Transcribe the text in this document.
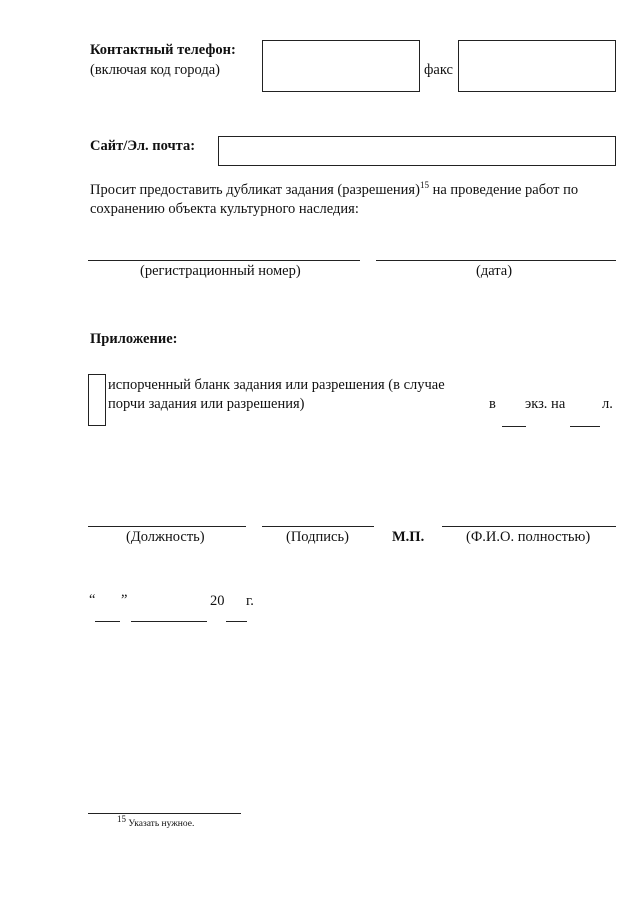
Контактный телефон:
(включая код города)	факс
Сайт/Эл. почта:
Просит предоставить дубликат задания (разрешения)$^{15}$ на проведение работ по
сохранению объекта культурного наследия:
(регистрационный номер)	(дата)
Приложение:
испорченный бланк задания или разрешения (в случае
порчи задания или разрешения)	в экз. на	л.
(Должность)	(Подпись)	М.П.	(Ф.И.О. полностью)
“ ”	20 г.
$^{15}$ Указать нужное.
